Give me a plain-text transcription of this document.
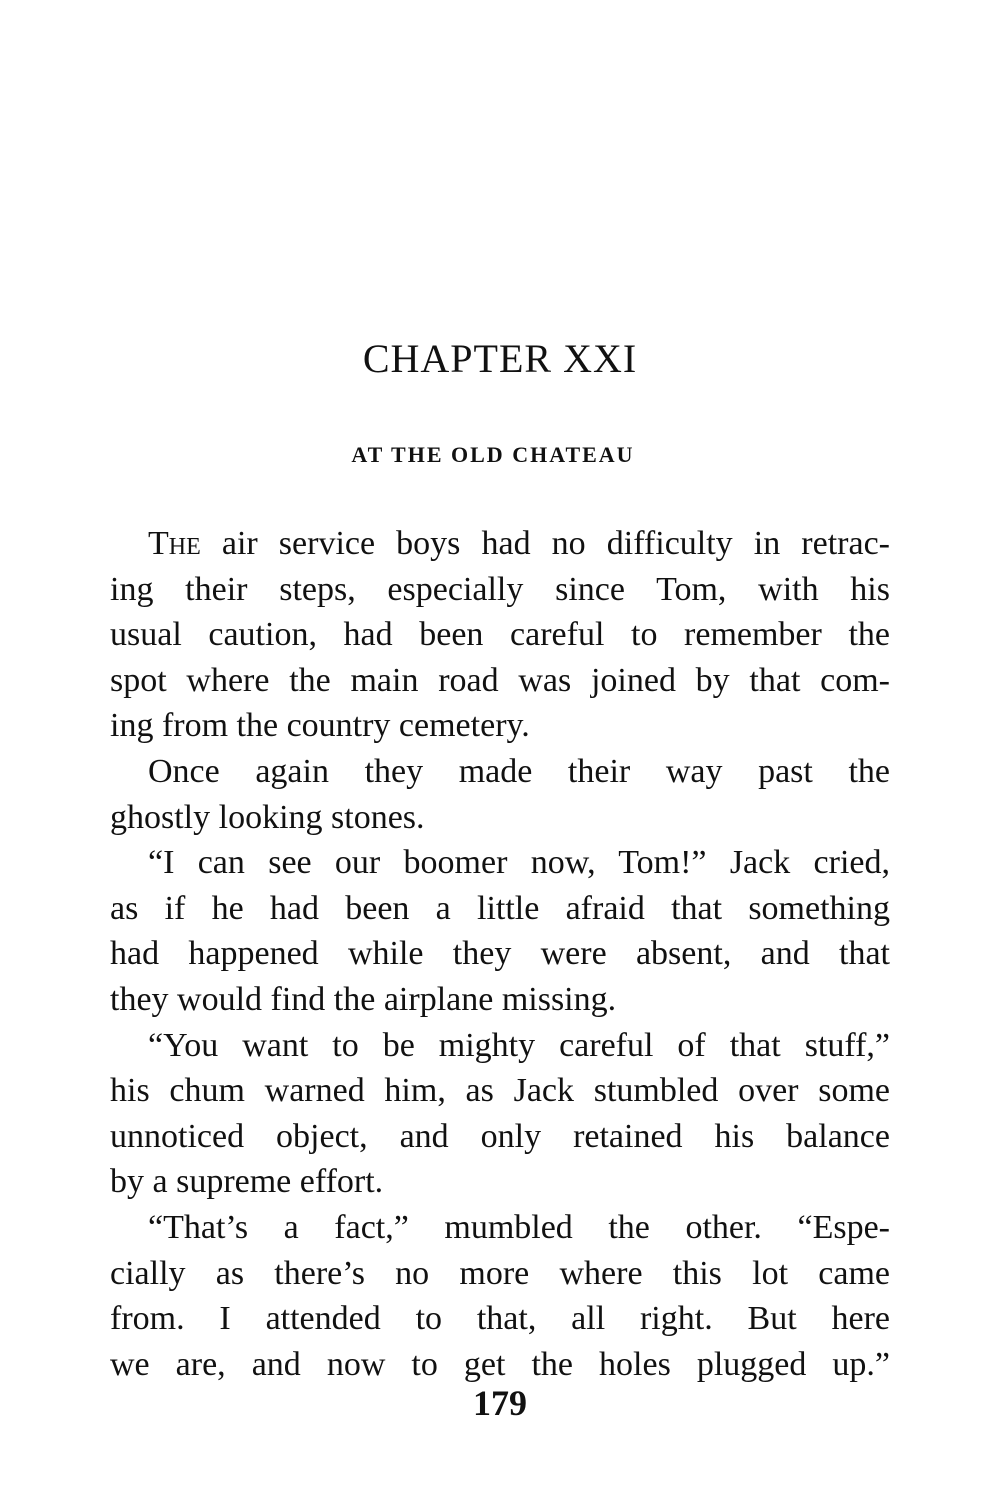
CHAPTER XXI
AT THE OLD CHATEAU
The air service boys had no difficulty in retrac-
ing their steps, especially since Tom, with his
usual caution, had been careful to remember the
spot where the main road was joined by that com-
ing from the country cemetery.
Once again they made their way past the
ghostly looking stones.
“I can see our boomer now, Tom!” Jack cried,
as if he had been a little afraid that something
had happened while they were absent, and that
they would find the airplane missing.
“You want to be mighty careful of that stuff,”
his chum warned him, as Jack stumbled over some
unnoticed object, and only retained his balance
by a supreme effort.
“That’s a fact,” mumbled the other. “Espe-
cially as there’s no more where this lot came
from. I attended to that, all right. But here
we are, and now to get the holes plugged up.”
179
